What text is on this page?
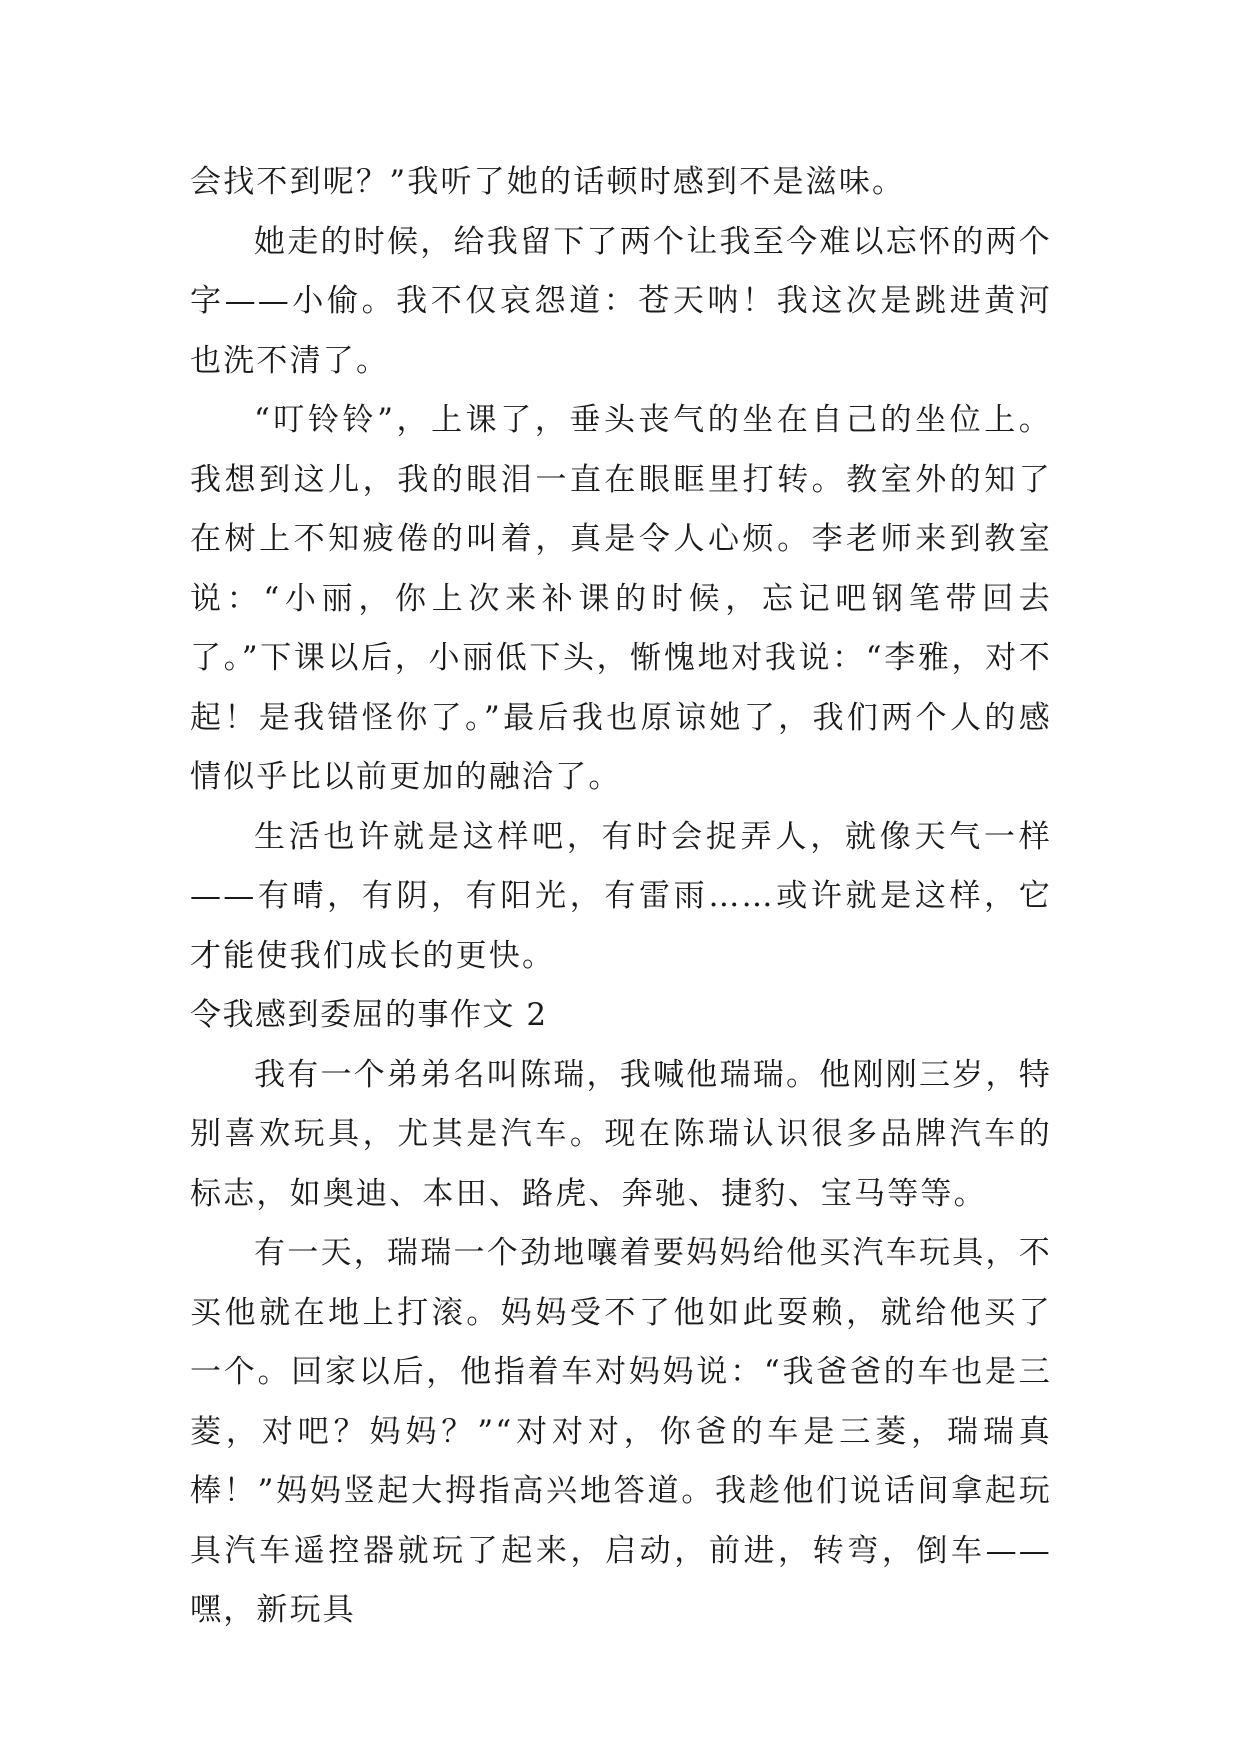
会找不到呢？”我听了她的话顿时感到不是滋味。

她走的时候，给我留下了两个让我至今难以忘怀的两个字——小偷。我不仅哀怨道：苍天呐！我这次是跳进黄河也洗不清了。

“叮铃铃”，上课了，垂头丧气的坐在自己的坐位上。我想到这儿，我的眼泪一直在眼眶里打转。教室外的知了在树上不知疲倦的叫着，真是令人心烦。李老师来到教室说：“小丽，你上次来补课的时候，忘记吧钢笔带回去了。”下课以后，小丽低下头，惭愧地对我说：“李雅，对不起！是我错怪你了。”最后我也原谅她了，我们两个人的感情似乎比以前更加的融洽了。

生活也许就是这样吧，有时会捉弄人，就像天气一样——有晴，有阴，有阳光，有雷雨……或许就是这样，它才能使我们成长的更快。

令我感到委屈的事作文 2

我有一个弟弟名叫陈瑞，我喊他瑞瑞。他刚刚三岁，特别喜欢玩具，尤其是汽车。现在陈瑞认识很多品牌汽车的标志，如奥迪、本田、路虎、奔驰、捷豹、宝马等等。

有一天，瑞瑞一个劲地嚷着要妈妈给他买汽车玩具，不买他就在地上打滚。妈妈受不了他如此耍赖，就给他买了一个。回家以后，他指着车对妈妈说：“我爸爸的车也是三菱，对吧？妈妈？”“对对对，你爸的车是三菱，瑞瑞真棒！”妈妈竖起大拇指高兴地答道。我趁他们说话间拿起玩具汽车遥控器就玩了起来，启动，前进，转弯，倒车——嘿，新玩具
